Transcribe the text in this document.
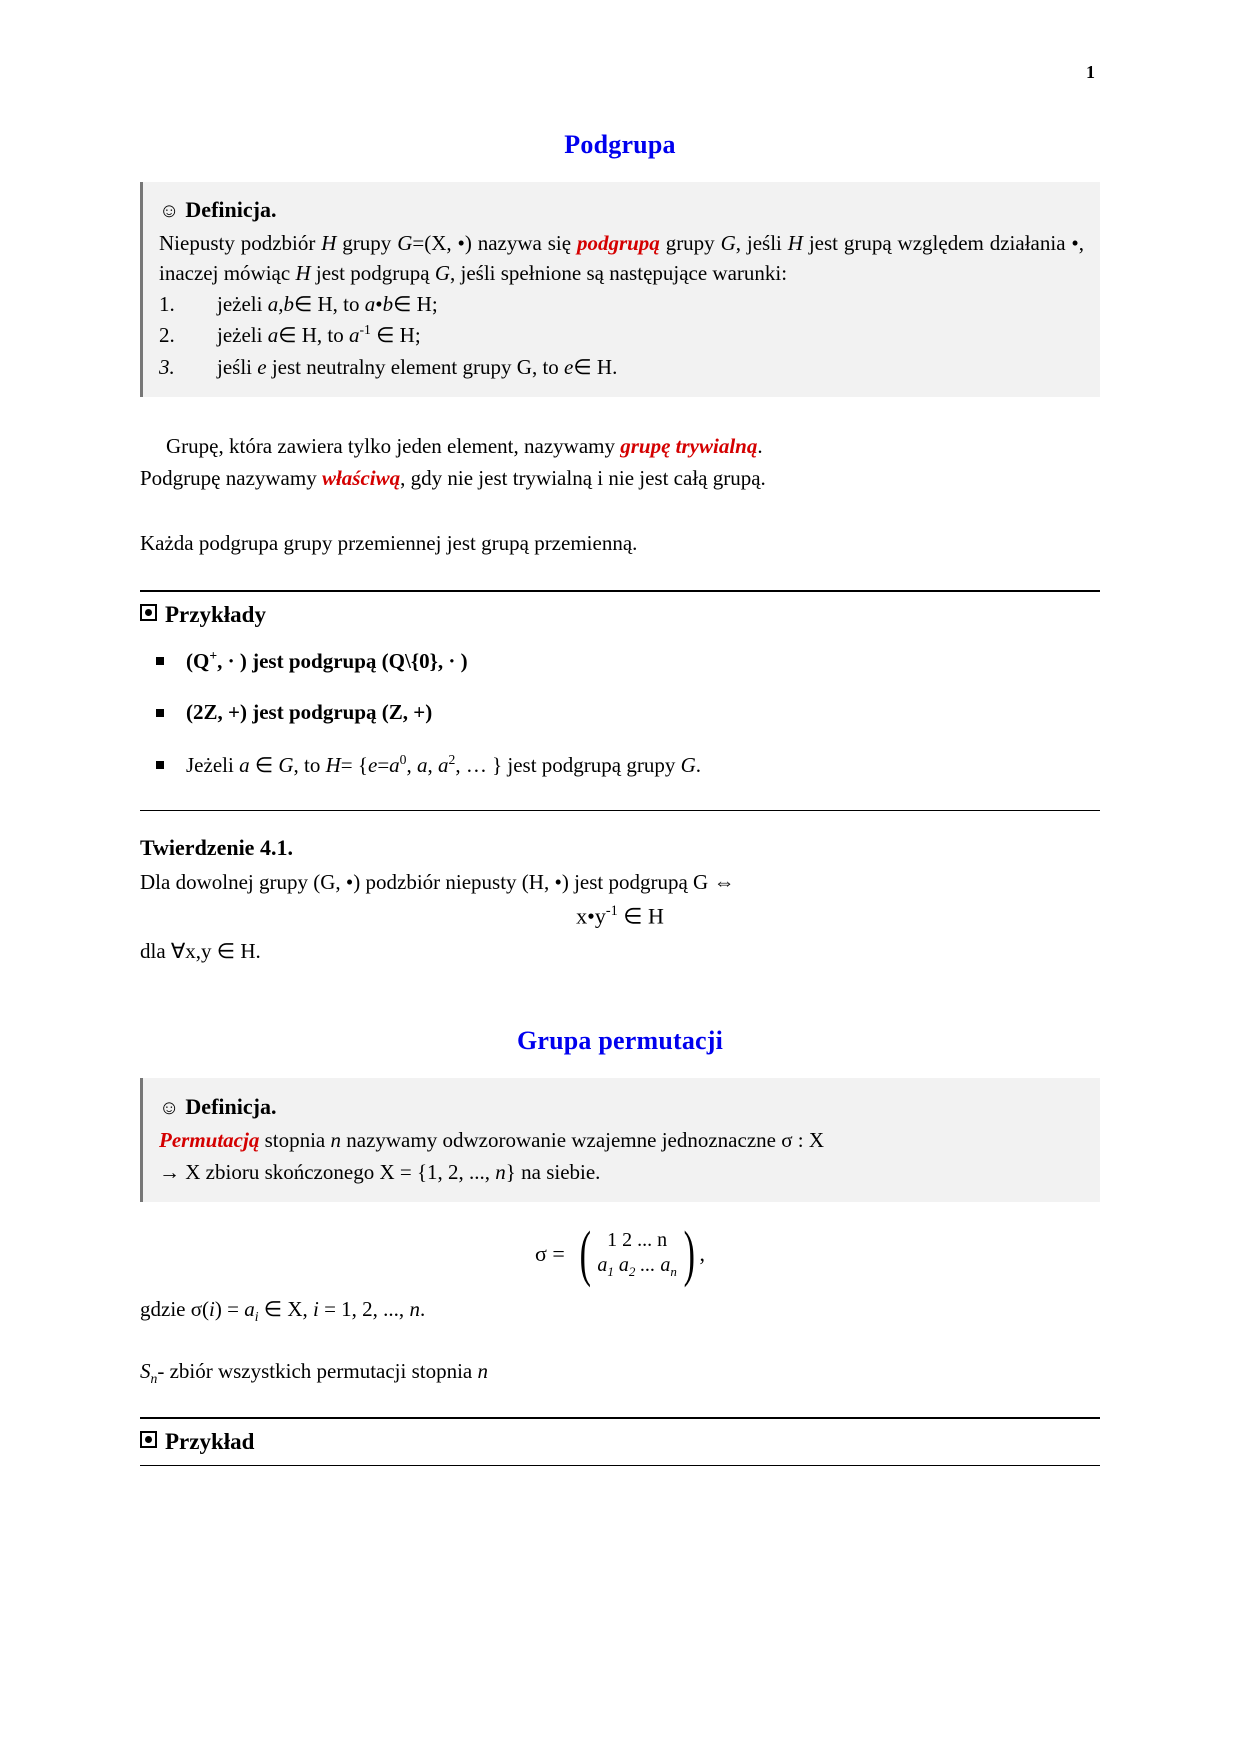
1
Podgrupa
☺ Definicja.
Niepusty podzbiór H grupy G=(X, •) nazywa się podgrupą grupy G, jeśli H jest grupą względem działania •, inaczej mówiąc H jest podgrupą G, jeśli spełnione są następujące warunki:
1.	jeżeli a,b∈ H, to a•b∈ H;
2.	jeżeli a∈ H, to $a^{-1}$ ∈ H;
3.	jeśli e jest neutralny element grupy G, to e∈ H.

Grupę, która zawiera tylko jeden element, nazywamy grupę trywialną.
Podgrupę nazywamy właściwą, gdy nie jest trywialną i nie jest całą grupą.

Każda podgrupa grupy przemiennej jest grupą przemienną.

Przykłady
(Q+, · ) jest podgrupą (Q\{0}, · )
(2Z, +) jest podgrupą (Z, +)
Jeżeli a ∈ G, to $H= \{e=a^0$, a, $a^2$, … } jest podgrupą grupy G.
Twierdzenie 4.1.
Dla dowolnej grupy (G, •) podzbiór niepusty (H, •) jest podgrupą G ⇔
$x•y^{-1}$ ∈ H
dla ∀x,y ∈ H.
Grupa permutacji
☺ Definicja.
Permutacją stopnia n nazywamy odwzorowanie wzajemne jednoznaczne σ : X
→ X zbioru skończonego X = {1, 2, ..., n} na siebie.
σ = ( 1 2 ... n
$a_1$ $a_2$ ... $a_n$ ) ,
gdzie $\sigma(i) = a_i$ ∈ X, i = 1, 2, ..., n.
$S_n-$ zbiór wszystkich permutacji stopnia n
Przykład
